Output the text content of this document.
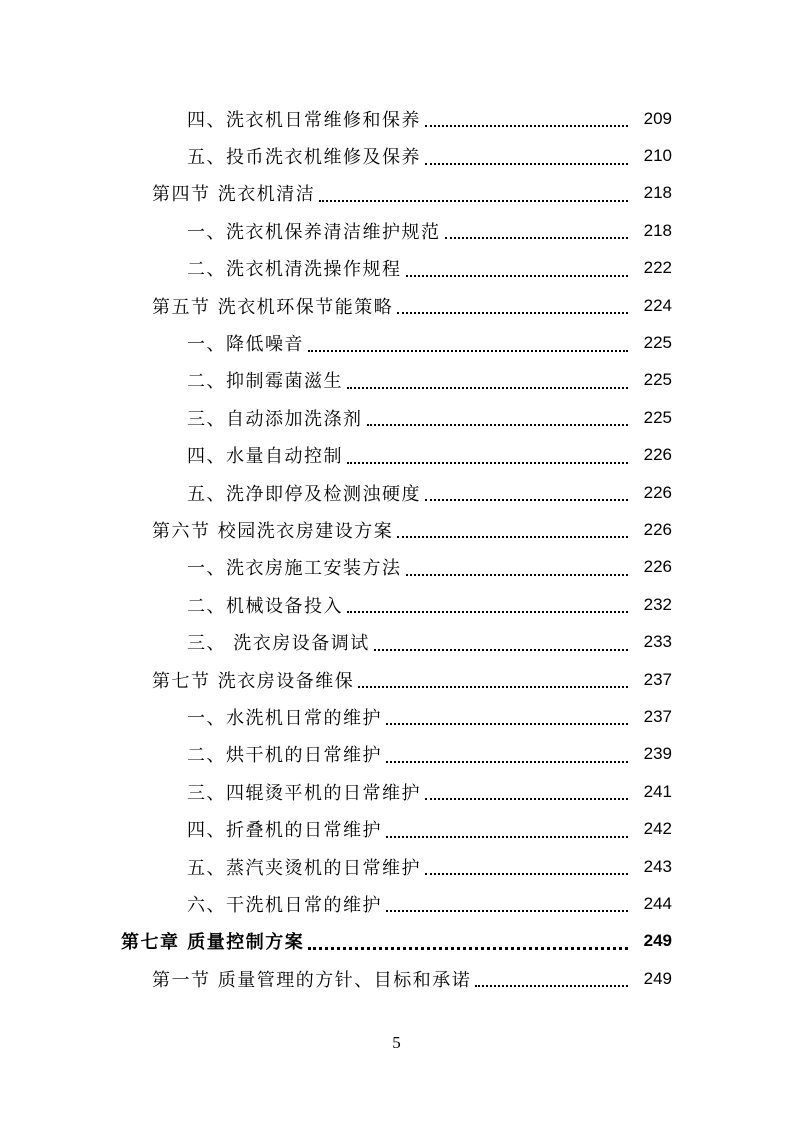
四、洗衣机日常维修和保养	209
五、投币洗衣机维修及保养	210
第四节 洗衣机清洁	218
一、洗衣机保养清洁维护规范	218
二、洗衣机清洗操作规程	222
第五节 洗衣机环保节能策略	224
一、降低噪音	225
二、抑制霉菌滋生	225
三、自动添加洗涤剂	225
四、水量自动控制	226
五、洗净即停及检测浊硬度	226
第六节 校园洗衣房建设方案	226
一、洗衣房施工安装方法	226
二、机械设备投入	232
三、 洗衣房设备调试	233
第七节 洗衣房设备维保	237
一、水洗机日常的维护	237
二、烘干机的日常维护	239
三、四辊烫平机的日常维护	241
四、折叠机的日常维护	242
五、蒸汽夹烫机的日常维护	243
六、干洗机日常的维护	244
第七章 质量控制方案	249
第一节 质量管理的方针、目标和承诺	249
5
